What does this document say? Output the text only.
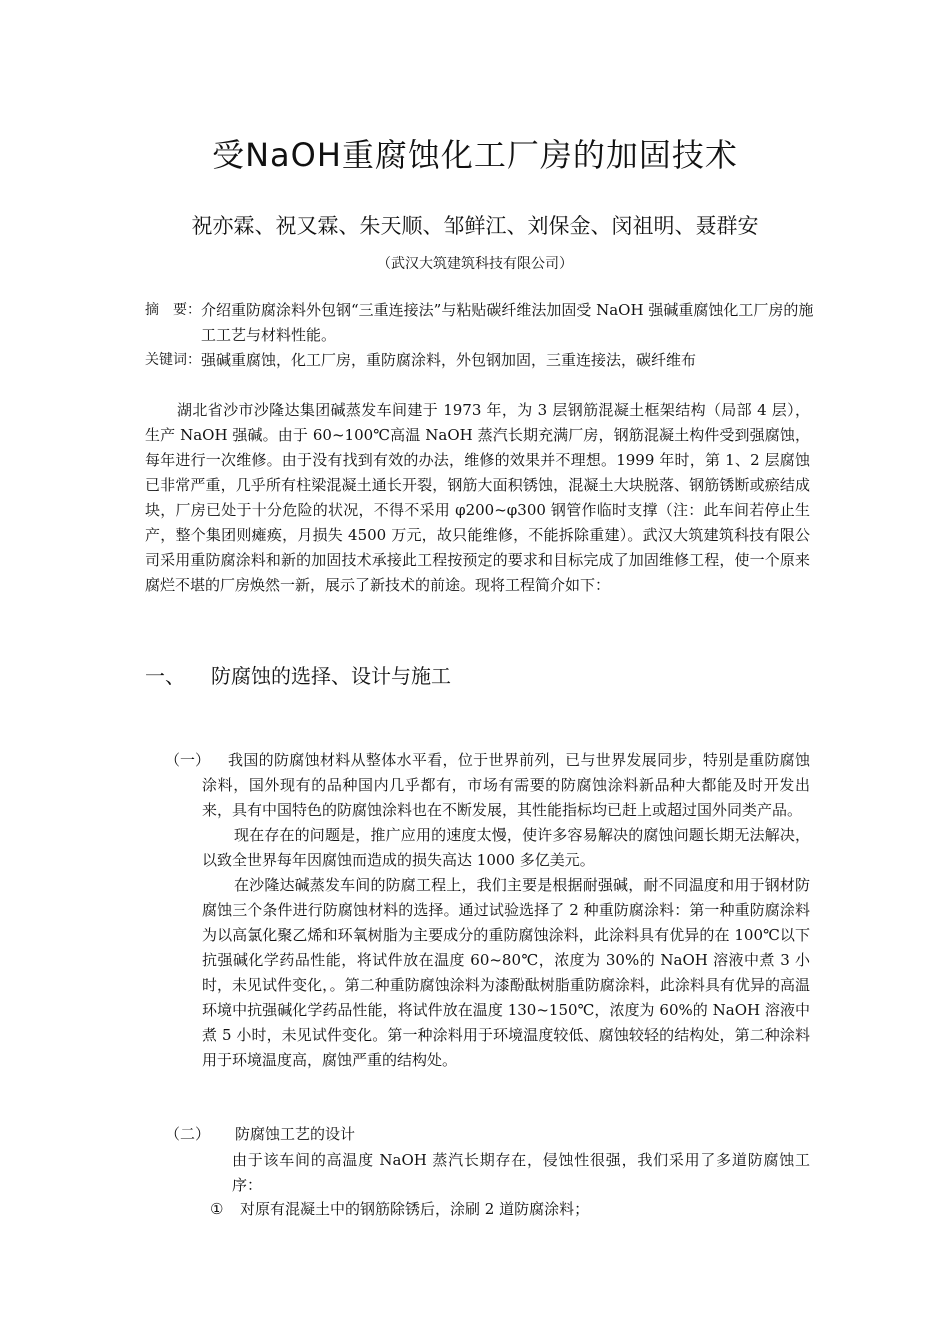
受NaOH重腐蚀化工厂房的加固技术
祝亦霖、祝又霖、朱天顺、邹鲜江、刘保金、闵祖明、聂群安
（武汉大筑建筑科技有限公司）
摘　要： 介绍重防腐涂料外包钢“三重连接法”与粘贴碳纤维法加固受 NaOH 强碱重腐蚀化工厂房的施工工艺与材料性能。
关键词： 强碱重腐蚀，化工厂房，重防腐涂料，外包钢加固，三重连接法，碳纤维布
湖北省沙市沙隆达集团碱蒸发车间建于 1973 年，为 3 层钢筋混凝土框架结构（局部 4 层），生产 NaOH 强碱。由于 60~100℃高温 NaOH 蒸汽长期充满厂房，钢筋混凝土构件受到强腐蚀，每年进行一次维修。由于没有找到有效的办法，维修的效果并不理想。1999 年时，第 1、2 层腐蚀已非常严重，几乎所有柱梁混凝土通长开裂，钢筋大面积锈蚀，混凝土大块脱落、钢筋锈断或瘀结成块，厂房已处于十分危险的状况，不得不采用 φ200~φ300 钢管作临时支撑（注：此车间若停止生产，整个集团则瘫痪，月损失 4500 万元，故只能维修，不能拆除重建）。武汉大筑建筑科技有限公司采用重防腐涂料和新的加固技术承接此工程按预定的要求和目标完成了加固维修工程，使一个原来腐烂不堪的厂房焕然一新，展示了新技术的前途。现将工程简介如下：
一、	防腐蚀的选择、设计与施工
（一）	我国的防腐蚀材料从整体水平看，位于世界前列，已与世界发展同步，特别是重防腐蚀涂料，国外现有的品种国内几乎都有，市场有需要的防腐蚀涂料新品种大都能及时开发出来，具有中国特色的防腐蚀涂料也在不断发展，其性能指标均已赶上或超过国外同类产品。

现在存在的问题是，推广应用的速度太慢，使许多容易解决的腐蚀问题长期无法解决，以致全世界每年因腐蚀而造成的损失高达 1000 多亿美元。

在沙隆达碱蒸发车间的防腐工程上，我们主要是根据耐强碱，耐不同温度和用于钢材防腐蚀三个条件进行防腐蚀材料的选择。通过试验选择了 2 种重防腐涂料：第一种重防腐涂料为以高氯化聚乙烯和环氧树脂为主要成分的重防腐蚀涂料，此涂料具有优异的在 100℃以下抗强碱化学药品性能，将试件放在温度 60~80℃，浓度为 30%的 NaOH 溶液中煮 3 小时，未见试件变化，。第二种重防腐蚀涂料为漆酚酞树脂重防腐涂料，此涂料具有优异的高温环境中抗强碱化学药品性能，将试件放在温度 130~150℃，浓度为 60%的 NaOH 溶液中煮 5 小时，未见试件变化。第一种涂料用于环境温度较低、腐蚀较轻的结构处，第二种涂料用于环境温度高，腐蚀严重的结构处。

（二）	防腐蚀工艺的设计
由于该车间的高温度 NaOH 蒸汽长期存在，侵蚀性很强，我们采用了多道防腐蚀工序：
①	对原有混凝土中的钢筋除锈后，涂刷 2 道防腐涂料；
